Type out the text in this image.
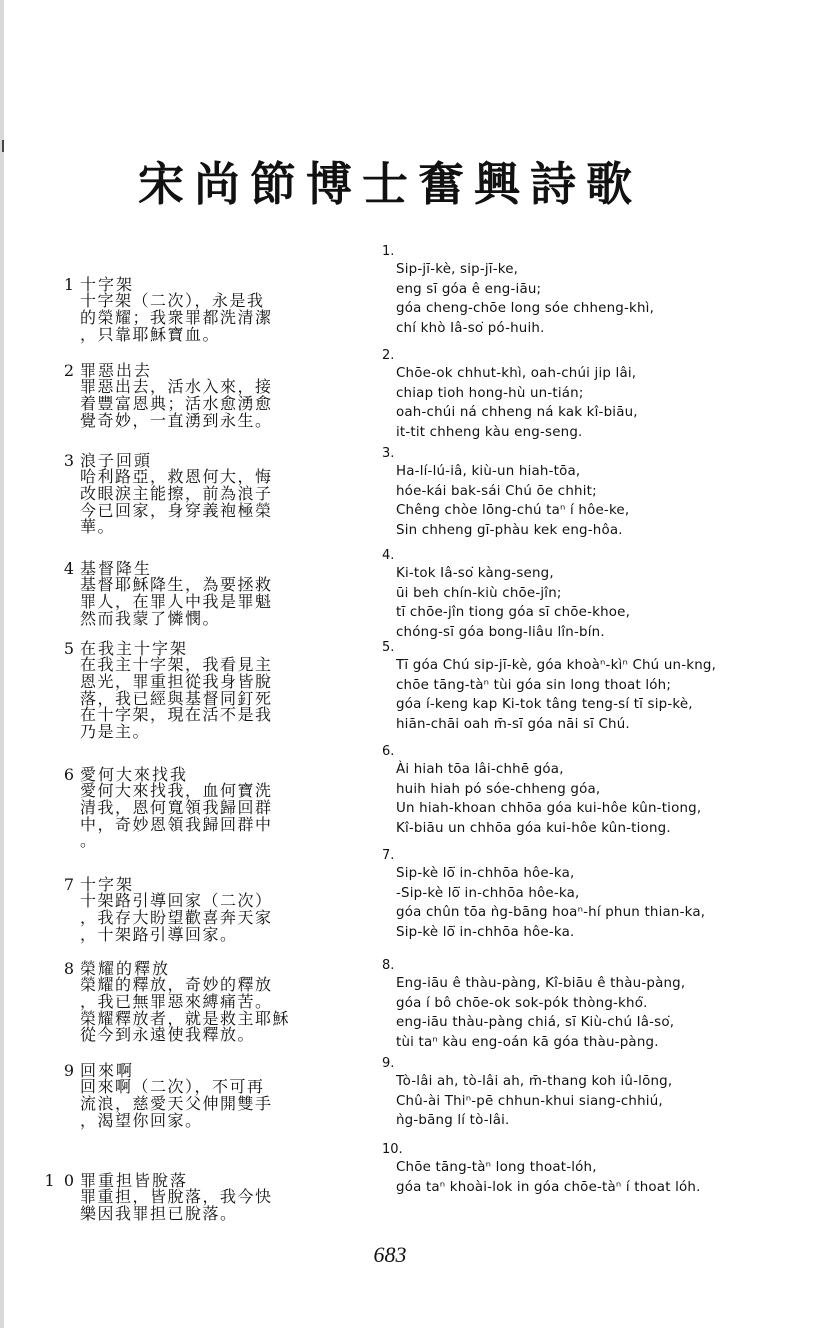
宋尚節博士奮興詩歌
1 十字架
十字架（二次），永是我
的榮耀；我衆罪都洗清潔
，只靠耶穌寶血。
2 罪惡出去
罪惡出去，活水入來，接
着豐富恩典；活水愈湧愈
覺奇妙，一直湧到永生。
3 浪子回頭
哈利路亞，救恩何大，悔
改眼淚主能擦，前為浪子
今已回家，身穿義袍極榮
華。
4 基督降生
基督耶穌降生，為要拯救
罪人，在罪人中我是罪魁
然而我蒙了憐憫。
5 在我主十字架
在我主十字架，我看見主
恩光，罪重担從我身皆脫
落，我已經與基督同釘死
在十字架，現在活不是我
乃是主。
6 愛何大來找我
愛何大來找我，血何寶洗
清我，恩何寬領我歸回群
中，奇妙恩領我歸回群中
。
7 十字架
十架路引導回家（二次）
，我存大盼望歡喜奔天家
，十架路引導回家。
8 榮耀的釋放
榮耀的釋放，奇妙的釋放
，我已無罪惡來縛痛苦。
榮耀釋放者，就是救主耶穌
從今到永遠使我釋放。
9 回來啊
回來啊（二次），不可再
流浪，慈愛天父伸開雙手
，渴望你回家。
1 0 罪重担皆脫落
罪重担，皆脫落，我今快
樂因我罪担已脫落。
1.
Sip-jī-kè, sip-jī-ke,
eng sī góa ê eng-iāu;
góa cheng-chōe long sóe chheng-khì,
chí khò Iâ-so͘ pó-huih.
2.
Chōe-ok chhut-khì, oah-chúi jip lâi,
chiap tioh hong-hù un-tián;
oah-chúi ná chheng ná kak kî-biāu,
it-tit chheng kàu eng-seng.
3.
Ha-lí-lú-iâ, kiù-un hiah-tōa,
hóe-kái bak-sái Chú ōe chhit;
Chêng chòe lōng-chú taⁿ í hôe-ke,
Sin chheng gī-phàu kek eng-hôa.
4.
Ki-tok Iâ-so͘ kàng-seng,
ūi beh chín-kiù chōe-jîn;
tī chōe-jîn tiong góa sī chōe-khoe,
chóng-sī góa bong-liâu lîn-bín.
5.
Tī góa Chú sip-jī-kè, góa khoàⁿ-kìⁿ Chú un-kng,
chōe tāng-tàⁿ tùi góa sin long thoat lóh;
góa í-keng kap Ki-tok tâng teng-sí tī sip-kè,
hiān-chāi oah m̄-sī góa nāi sī Chú.
6.
Ài hiah tōa lâi-chhē góa,
huih hiah pó sóe-chheng góa,
Un hiah-khoan chhōa góa kui-hôe kûn-tiong,
Kî-biāu un chhōa góa kui-hôe kûn-tiong.
7.
Sip-kè lō͘ in-chhōa hôe-ka,
-Sip-kè lō͘ in-chhōa hôe-ka,
góa chûn tōa ǹg-bāng hoaⁿ-hí phun thian-ka,
Sip-kè lō͘ in-chhōa hôe-ka.
8.
Eng-iāu ê thàu-pàng, Kî-biāu ê thàu-pàng,
góa í bô chōe-ok sok-pók thòng-khó͘.
eng-iāu thàu-pàng chiá, sī Kiù-chú Iâ-so͘,
tùi taⁿ kàu eng-oán kā góa thàu-pàng.
9.
Tò-lâi ah, tò-lâi ah, m̄-thang koh iû-lōng,
Chû-ài Thiⁿ-pē chhun-khui siang-chhiú,
ǹg-bāng lí tò-lâi.
10.
Chōe tāng-tàⁿ long thoat-lóh,
góa taⁿ khoài-lok in góa chōe-tàⁿ í thoat lóh.
683
